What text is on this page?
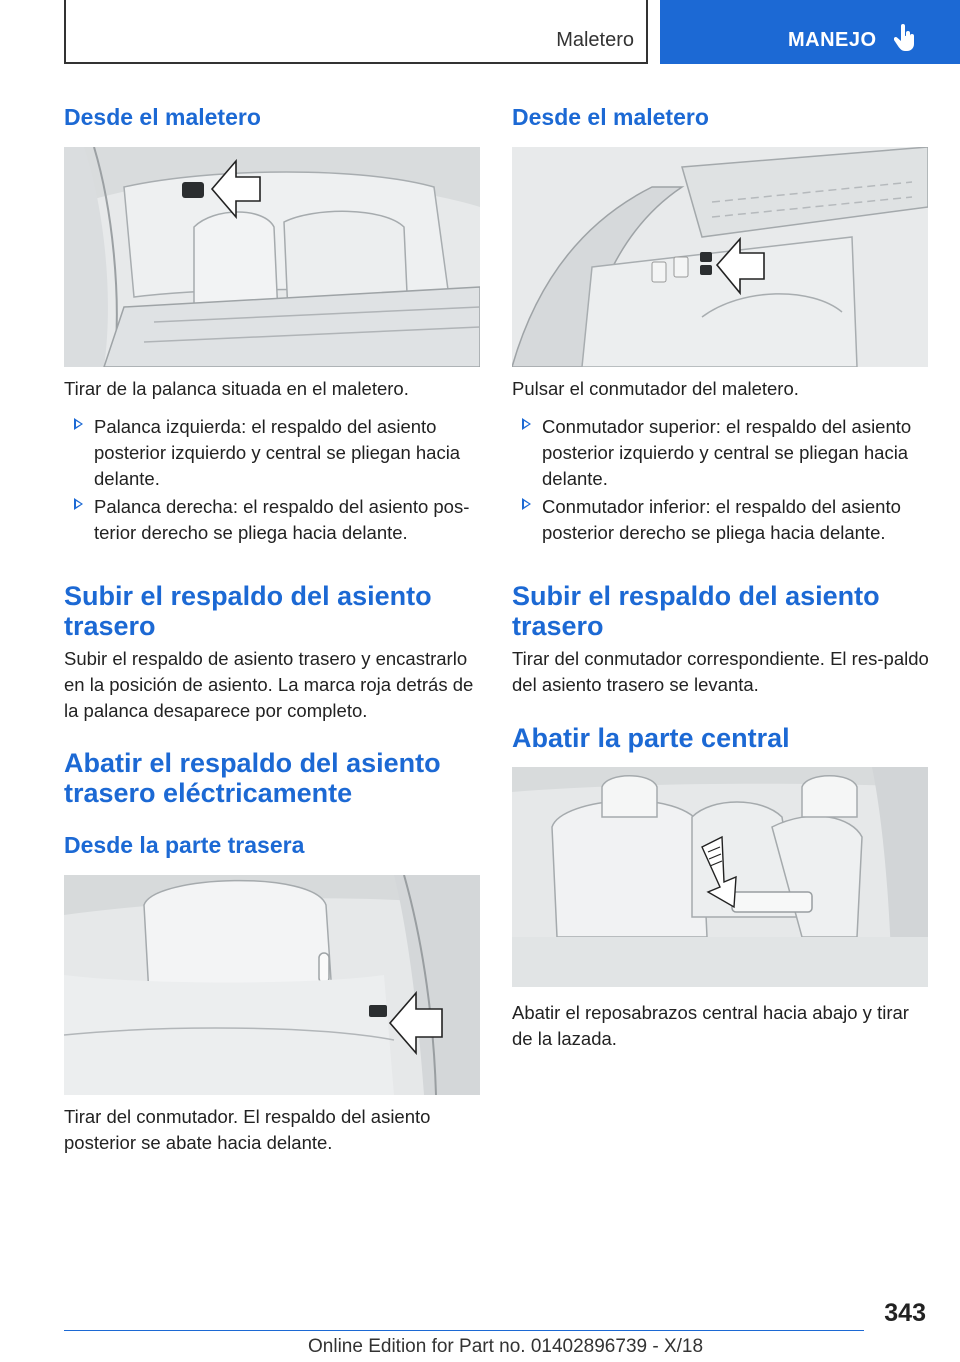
Maletero	MANEJO
Desde el maletero
Tirar de la palanca situada en el maletero.
Palanca izquierda: el respaldo del asiento posterior izquierdo y central se pliegan hacia delante.
Palanca derecha: el respaldo del asiento pos‐terior derecho se pliega hacia delante.
Subir el respaldo del asiento trasero
Subir el respaldo de asiento trasero y encastrarlo en la posición de asiento. La marca roja detrás de la palanca desaparece por completo.
Abatir el respaldo del asiento trasero eléctricamente
Desde la parte trasera
Tirar del conmutador. El respaldo del asiento posterior se abate hacia delante.
Desde el maletero
Pulsar el conmutador del maletero.
Conmutador superior: el respaldo del asiento posterior izquierdo y central se pliegan hacia delante.
Conmutador inferior: el respaldo del asiento posterior derecho se pliega hacia delante.
Subir el respaldo del asiento trasero
Tirar del conmutador correspondiente. El res‐paldo del asiento trasero se levanta.
Abatir la parte central
Abatir el reposabrazos central hacia abajo y tirar de la lazada.
343
Online Edition for Part no. 01402896739 - X/18
